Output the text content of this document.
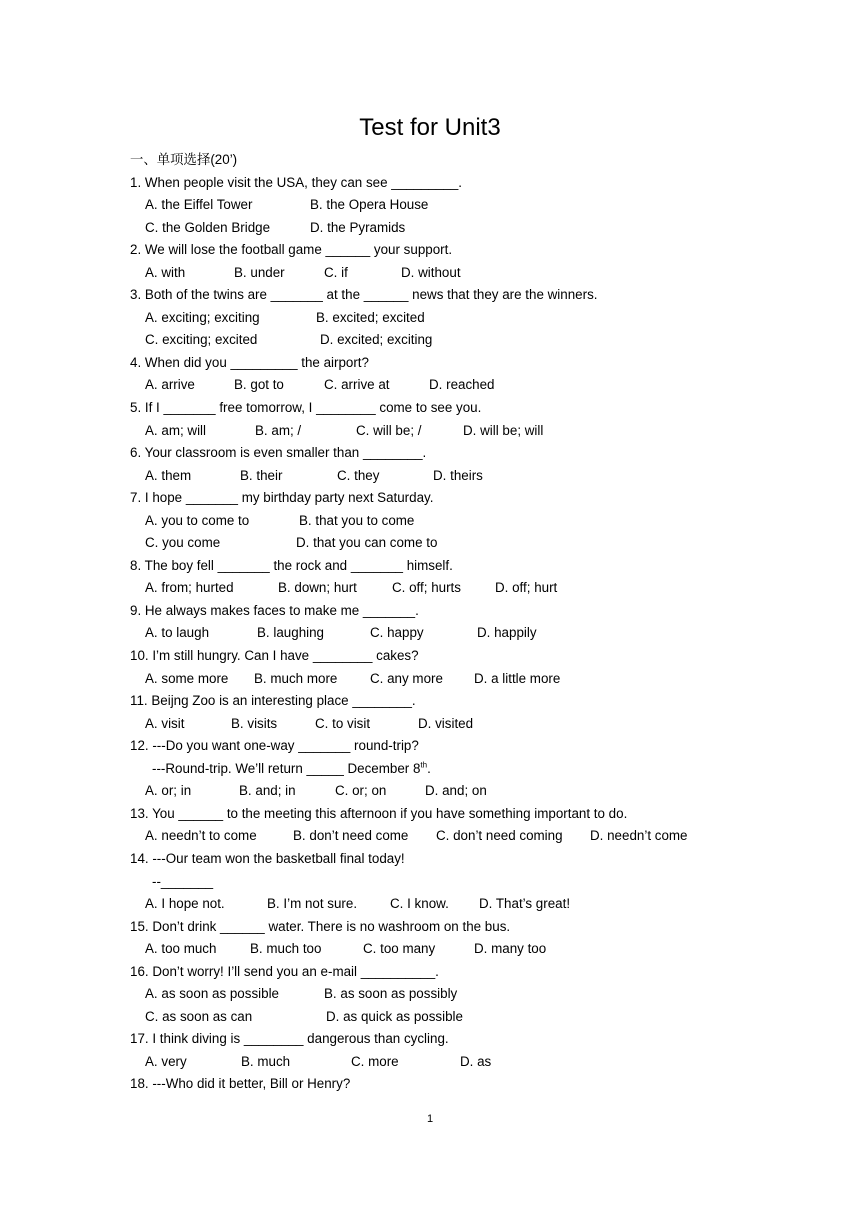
Test for Unit3
一、单项选择(20’)
1. When people visit the USA, they can see _________.
A. the Eiffel Tower	B. the Opera House
C. the Golden Bridge	D. the Pyramids
2. We will lose the football game ______ your support.
A. with	B. under	C. if	D. without
3. Both of the twins are _______ at the ______ news that they are the winners.
A. exciting; exciting	B. excited; excited
C. exciting; excited	D. excited; exciting
4. When did you _________ the airport?
A. arrive	B. got to	C. arrive at	D. reached
5. If I _______ free tomorrow, I ________ come to see you.
A. am; will	B. am; /	C. will be; /	D. will be; will
6. Your classroom is even smaller than ________.
A. them	B. their	C. they	D. theirs
7. I hope _______ my birthday party next Saturday.
A. you to come to	B. that you to come
C. you come	D. that you can come to
8. The boy fell _______ the rock and _______ himself.
A. from; hurted	B. down; hurt	C. off; hurts	D. off; hurt
9. He always makes faces to make me _______.
A. to laugh	B. laughing	C. happy	D. happily
10. I’m still hungry. Can I have ________ cakes?
A. some more B. much more C. any more D. a little more
11. Beijng Zoo is an interesting place ________.
A. visit	B. visits	C. to visit	D. visited
12. ---Do you want one-way _______ round-trip?
---Round-trip. We’ll return _____ December 8th.
A. or; in	B. and; in	C. or; on	D. and; on
13. You ______ to the meeting this afternoon if you have something important to do.
A. needn’t to come	B. don’t need come C. don’t need coming D. needn’t come
14. ---Our team won the basketball final today!
--_______
A. I hope not.	B. I’m not sure. C. I know. D. That’s great!
15. Don’t drink ______ water. There is no washroom on the bus.
A. too much	B. much too	C. too many	D. many too
16. Don’t worry! I’ll send you an e-mail __________.
A. as soon as possible	B. as soon as possibly
C. as soon as can	D. as quick as possible
17. I think diving is ________ dangerous than cycling.
A. very	B. much	C. more	D. as
18. ---Who did it better, Bill or Henry?
1
